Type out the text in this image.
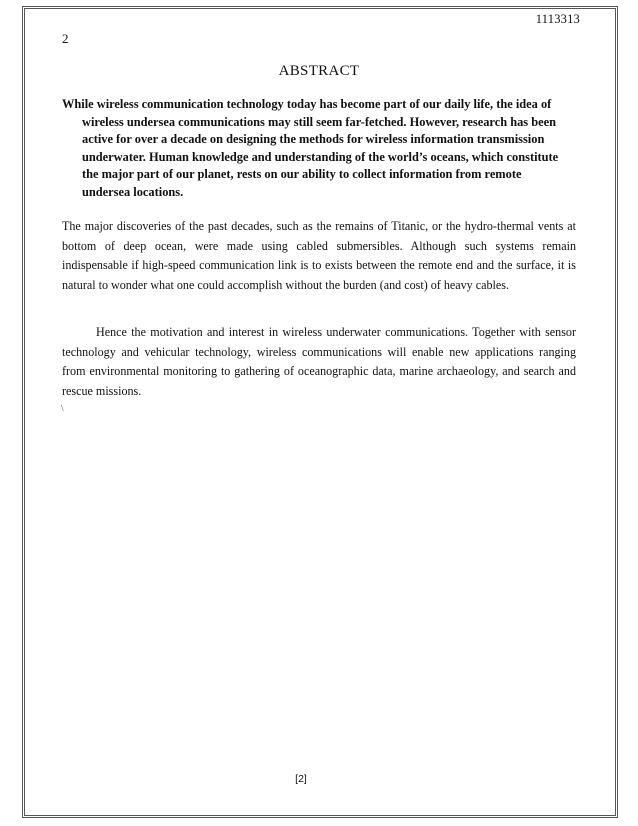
1113313
2
ABSTRACT
While wireless communication technology today has become part of our daily life, the idea of wireless undersea communications may still seem far-fetched. However, research has been active for over a decade on designing the methods for wireless information transmission underwater. Human knowledge and understanding of the world’s oceans, which constitute the major part of our planet, rests on our ability to collect information from remote undersea locations.
The major discoveries of the past decades, such as the remains of Titanic, or the hydro-thermal vents at bottom of deep ocean, were made using cabled submersibles. Although such systems remain indispensable if high-speed communication link is to exists between the remote end and the surface, it is natural to wonder what one could accomplish without the burden (and cost) of heavy cables.
Hence the motivation and interest in wireless underwater communications. Together with sensor technology and vehicular technology, wireless communications will enable new applications ranging from environmental monitoring to gathering of oceanographic data, marine archaeology, and search and rescue missions.
\
[2]
